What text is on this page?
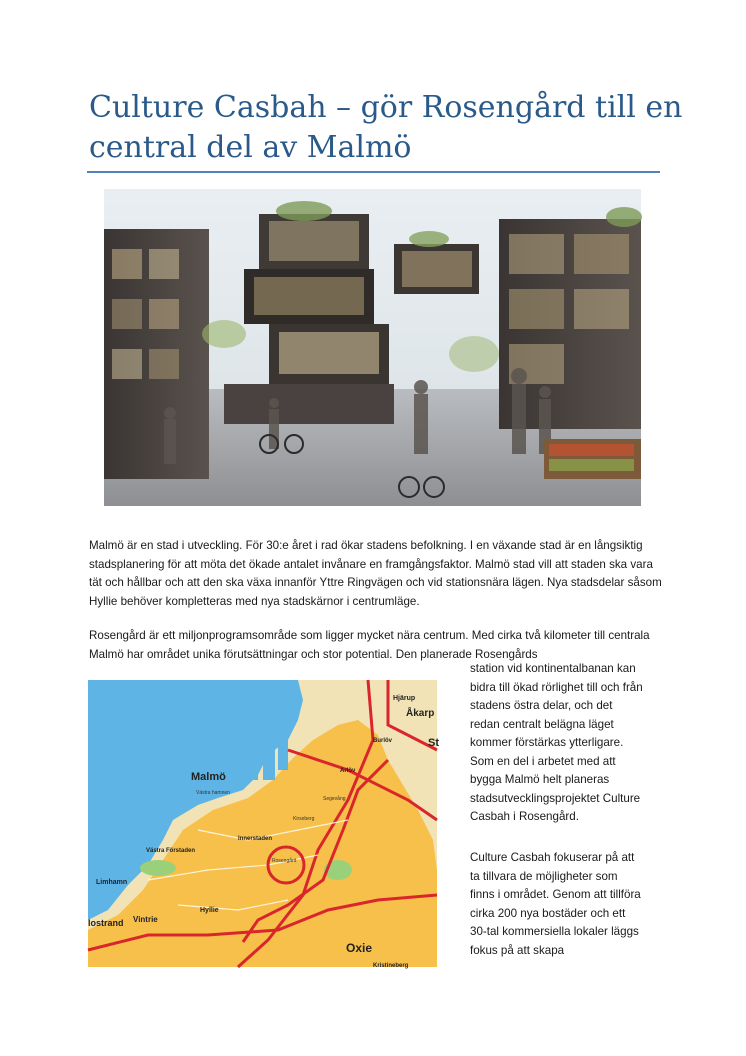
Culture Casbah – gör Rosengård till en
central del av Malmö

Malmö är en stad i utveckling. För 30:e året i rad ökar stadens befolkning. I en växande stad är en långsiktig stadsplanering för att möta det ökade antalet invånare en framgångsfaktor. Malmö stad vill att staden ska vara tät och hållbar och att den ska växa innanför Yttre Ringvägen och vid stationsnära lägen. Nya stadsdelar såsom Hyllie behöver kompletteras med nya stadskärnor i centrumläge.

Rosengård är ett miljonprogramsområde som ligger mycket nära centrum. Med cirka två kilometer till centrala Malmö har området unika förutsättningar och stor potential. Den planerade Rosengårds

station vid kontinentalbanan kan bidra till ökad rörlighet till och från stadens östra delar, och det redan centralt belägna läget kommer förstärkas ytterligare. Som en del i arbetet med att bygga Malmö helt planeras stadsutvecklingsprojektet Culture Casbah i Rosengård.

Culture Casbah fokuserar på att ta tillvara de möjligheter som finns i området. Genom att tillföra cirka 200 nya bostäder och ett 30-tal kommersiella lokaler läggs fokus på att skapa

Malmö
Rosengård
Limhamn
Hyllie
Oxie
Arlöv
Burlöv
Åkarp
Hjärup
Västra hamnen
Innerstaden
Västra Förstaden
Kirseberg
Segevång
lostrand Vintrie
Kristineberg
St
